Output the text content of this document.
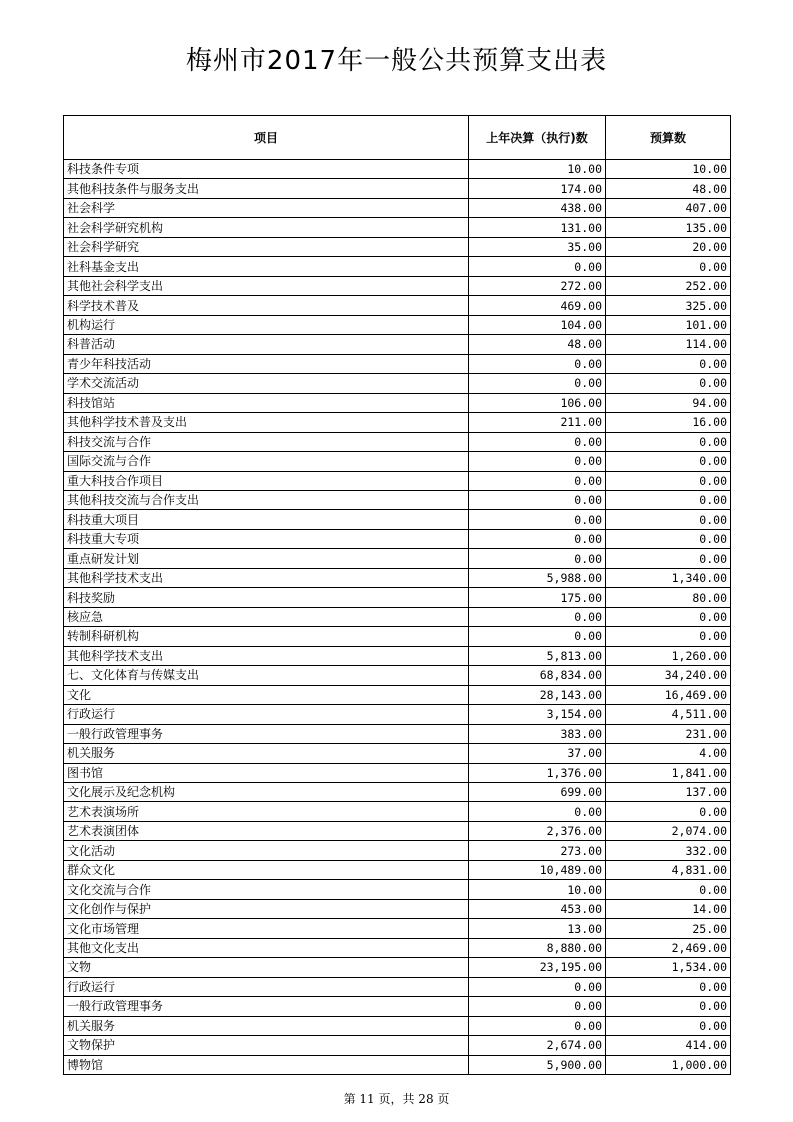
梅州市2017年一般公共预算支出表
项目	上年决算（执行)数	预算数
科技条件专项	10.00	10.00
其他科技条件与服务支出	174.00	48.00
社会科学	438.00	407.00
社会科学研究机构	131.00	135.00
社会科学研究	35.00	20.00
社科基金支出	0.00	0.00
其他社会科学支出	272.00	252.00
科学技术普及	469.00	325.00
机构运行	104.00	101.00
科普活动	48.00	114.00
青少年科技活动	0.00	0.00
学术交流活动	0.00	0.00
科技馆站	106.00	94.00
其他科学技术普及支出	211.00	16.00
科技交流与合作	0.00	0.00
国际交流与合作	0.00	0.00
重大科技合作项目	0.00	0.00
其他科技交流与合作支出	0.00	0.00
科技重大项目	0.00	0.00
科技重大专项	0.00	0.00
重点研发计划	0.00	0.00
其他科学技术支出	5,988.00	1,340.00
科技奖励	175.00	80.00
核应急	0.00	0.00
转制科研机构	0.00	0.00
其他科学技术支出	5,813.00	1,260.00
七、文化体育与传媒支出	68,834.00	34,240.00
文化	28,143.00	16,469.00
行政运行	3,154.00	4,511.00
一般行政管理事务	383.00	231.00
机关服务	37.00	4.00
图书馆	1,376.00	1,841.00
文化展示及纪念机构	699.00	137.00
艺术表演场所	0.00	0.00
艺术表演团体	2,376.00	2,074.00
文化活动	273.00	332.00
群众文化	10,489.00	4,831.00
文化交流与合作	10.00	0.00
文化创作与保护	453.00	14.00
文化市场管理	13.00	25.00
其他文化支出	8,880.00	2,469.00
文物	23,195.00	1,534.00
行政运行	0.00	0.00
一般行政管理事务	0.00	0.00
机关服务	0.00	0.00
文物保护	2,674.00	414.00
博物馆	5,900.00	1,000.00
第 11 页，共 28 页
